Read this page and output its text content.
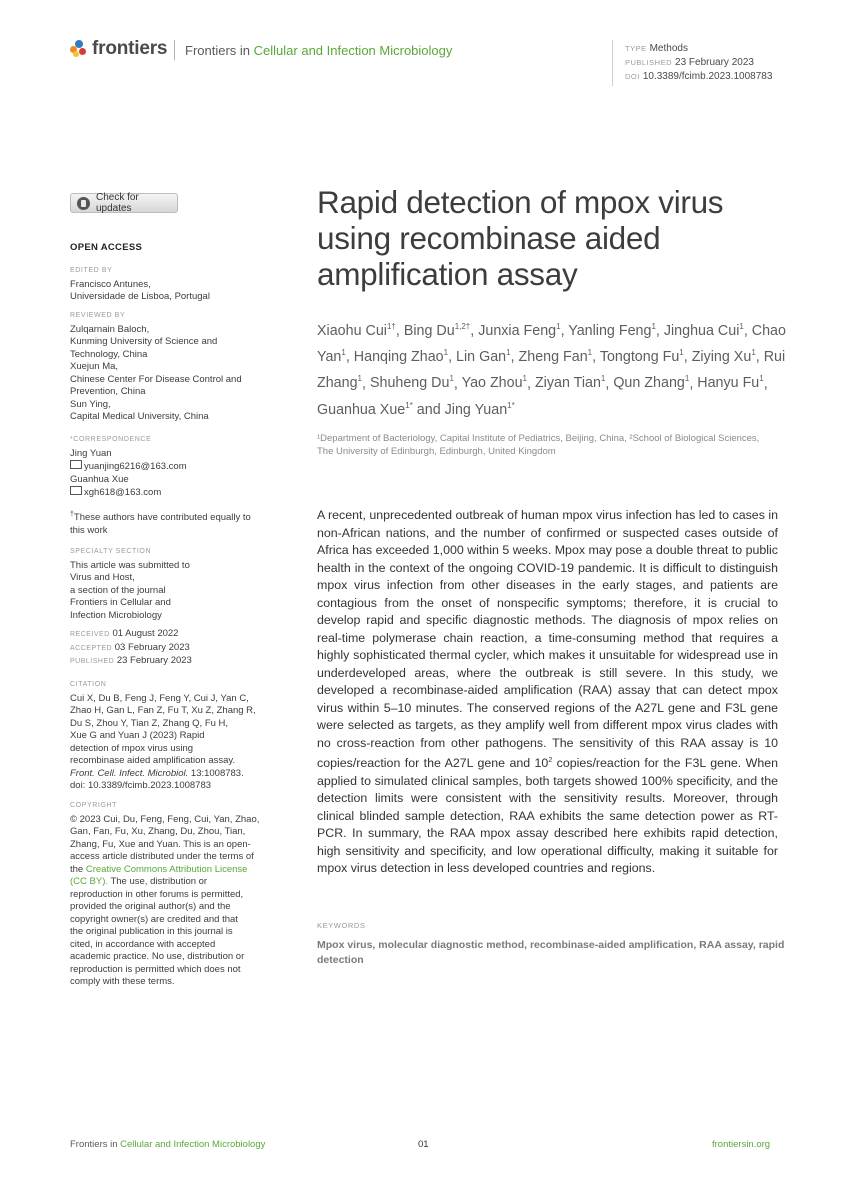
frontiers Frontiers in Cellular and Infection Microbiology	TYPE Methods
PUBLISHED 23 February 2023
DOI 10.3389/fcimb.2023.1008783
Check for updates
OPEN ACCESS
EDITED BY
Francisco Antunes,
Universidade de Lisboa, Portugal
REVIEWED BY
Zulqarnain Baloch,
Kunming University of Science and
Technology, China
Xuejun Ma,
Chinese Center For Disease Control and
Prevention, China
Sun Ying,
Capital Medical University, China
*CORRESPONDENCE
Jing Yuan
yuanjing6216@163.com
Guanhua Xue
xgh618@163.com
†These authors have contributed equally to
this work
SPECIALTY SECTION
This article was submitted to
Virus and Host,
a section of the journal
Frontiers in Cellular and
Infection Microbiology
RECEIVED 01 August 2022
ACCEPTED 03 February 2023
PUBLISHED 23 February 2023
CITATION
Cui X, Du B, Feng J, Feng Y, Cui J, Yan C,
Zhao H, Gan L, Fan Z, Fu T, Xu Z, Zhang R,
Du S, Zhou Y, Tian Z, Zhang Q, Fu H,
Xue G and Yuan J (2023) Rapid
detection of mpox virus using
recombinase aided amplification assay.
Front. Cell. Infect. Microbiol. 13:1008783.
doi: 10.3389/fcimb.2023.1008783
COPYRIGHT
© 2023 Cui, Du, Feng, Feng, Cui, Yan, Zhao,
Gan, Fan, Fu, Xu, Zhang, Du, Zhou, Tian,
Zhang, Fu, Xue and Yuan. This is an open-
access article distributed under the terms of
the Creative Commons Attribution License
(CC BY). The use, distribution or
reproduction in other forums is permitted,
provided the original author(s) and the
copyright owner(s) are credited and that
the original publication in this journal is
cited, in accordance with accepted
academic practice. No use, distribution or
reproduction is permitted which does not
comply with these terms.
Rapid detection of mpox virus using recombinase aided amplification assay
Xiaohu Cui$^{1\dagger}$, Bing $Du^{1,2\dagger}$, Junxia Feng$^1$, Yanling Feng$^1$, Jinghua Cui$^1$, Chao Yan$^1$, Hanqing Zhao$^1$, Lin Gan$^1$, Zheng Fan$^1$, Tongtong Fu$^1$, Ziying Xu$^1$, Rui Zhang$^1$, Shuheng Du$^1$, Yao Zhou$^1$, Ziyan Tian$^1$, Qun Zhang$^1$, Hanyu Fu$^1$, Guanhua Xue$^{1*}$ and Jing Yuan$^{1*}$
¹Department of Bacteriology, Capital Institute of Pediatrics, Beijing, China, ²School of Biological Sciences, The University of Edinburgh, Edinburgh, United Kingdom
A recent, unprecedented outbreak of human mpox virus infection has led to cases in non-African nations, and the number of confirmed or suspected cases outside of Africa has exceeded 1,000 within 5 weeks. Mpox may pose a double threat to public health in the context of the ongoing COVID-19 pandemic. It is difficult to distinguish mpox virus infection from other diseases in the early stages, and patients are contagious from the onset of nonspecific symptoms; therefore, it is crucial to develop rapid and specific diagnostic methods. The diagnosis of mpox relies on real-time polymerase chain reaction, a time-consuming method that requires a highly sophisticated thermal cycler, which makes it unsuitable for widespread use in underdeveloped areas, where the outbreak is still severe. In this study, we developed a recombinase-aided amplification (RAA) assay that can detect mpox virus within 5–10 minutes. The conserved regions of the A27L gene and F3L gene were selected as targets, as they amplify well from different mpox virus clades with no cross-reaction from other pathogens. The sensitivity of this RAA assay is 10 copies/reaction for the A27L gene and $10^2$ copies/reaction for the F3L gene. When applied to simulated clinical samples, both targets showed 100% specificity, and the detection limits were consistent with the sensitivity results. Moreover, through clinical blinded sample detection, RAA exhibits the same detection power as RT-PCR. In summary, the RAA mpox assay described here exhibits rapid detection, high sensitivity and specificity, and low operational difficulty, making it suitable for mpox virus detection in less developed countries and regions.
KEYWORDS
Mpox virus, molecular diagnostic method, recombinase-aided amplification, RAA assay, rapid detection
Frontiers in Cellular and Infection Microbiology	01	frontiersin.org
